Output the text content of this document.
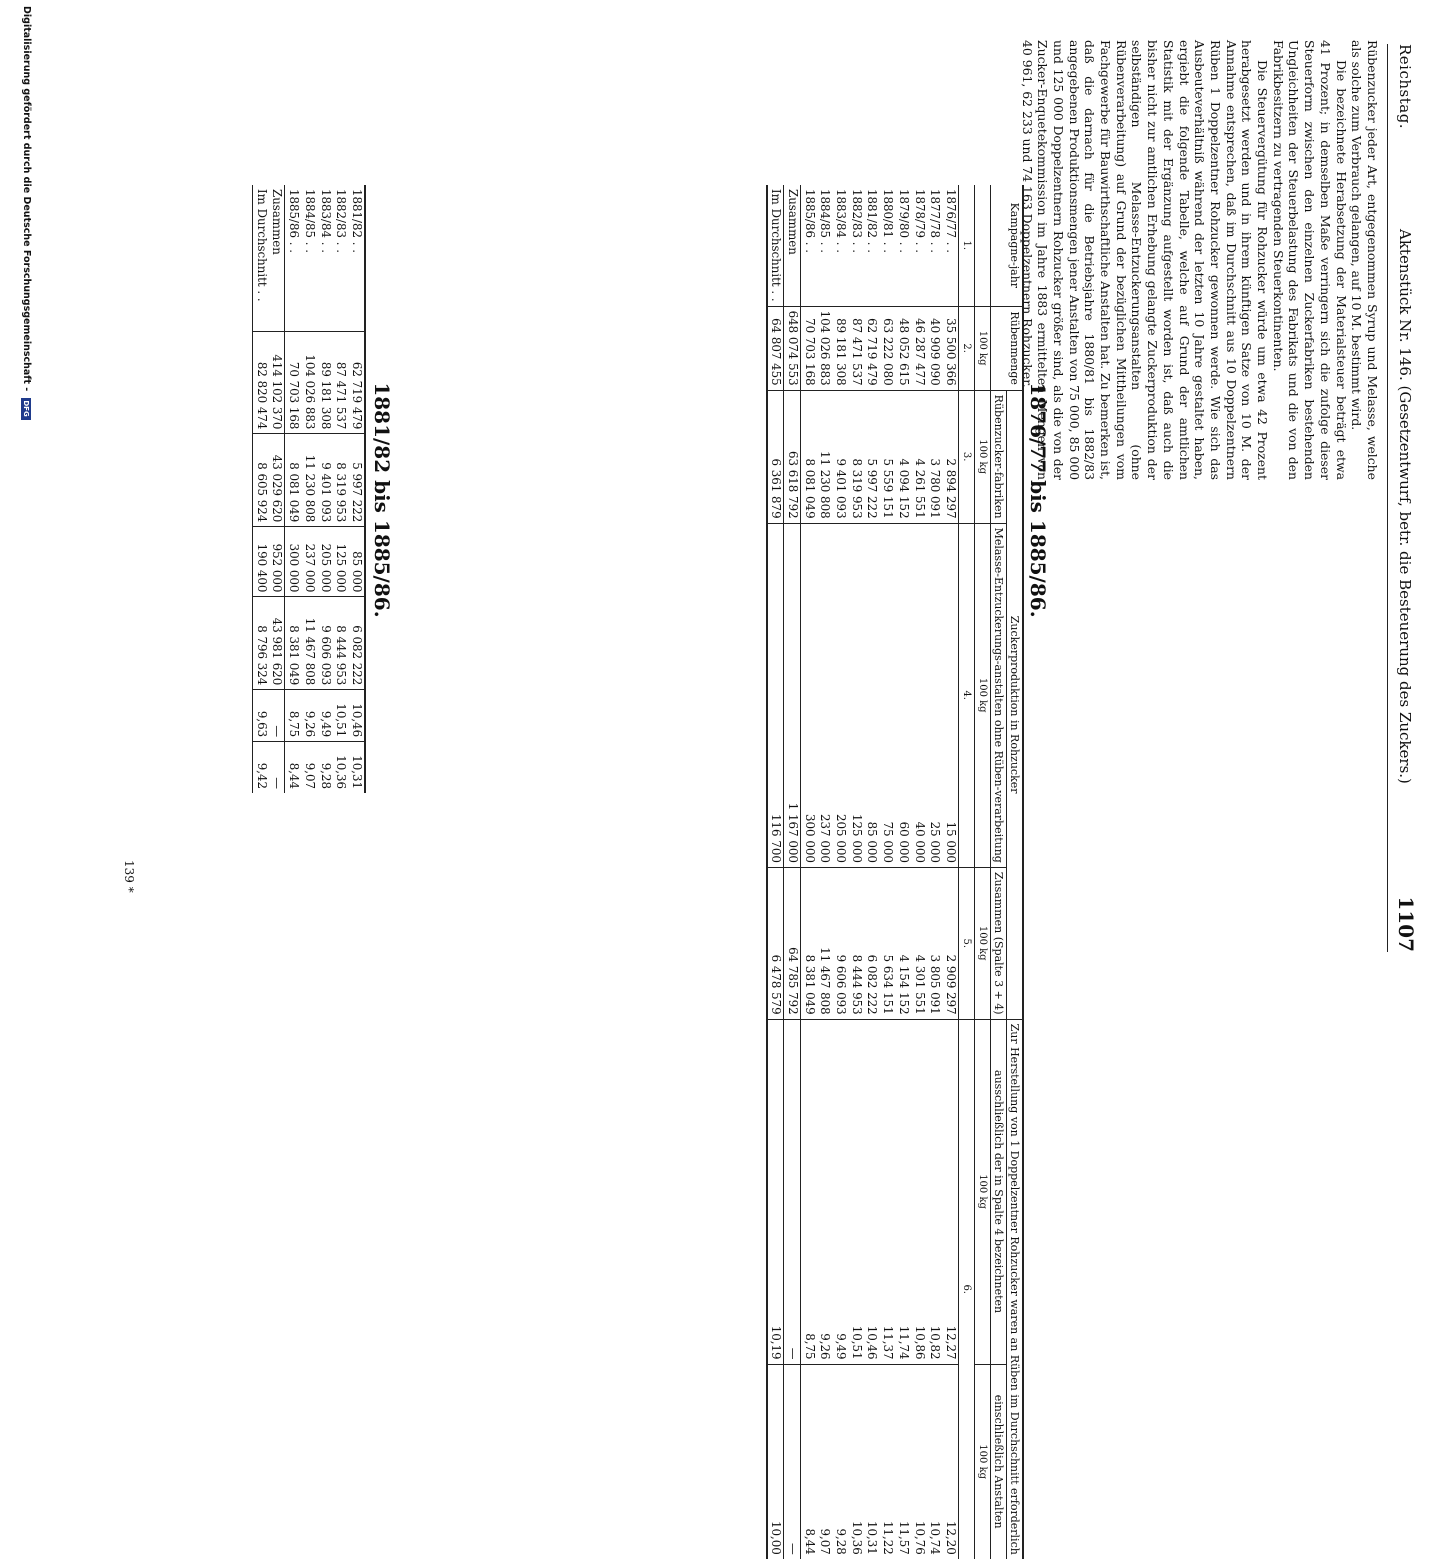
Reichstag.
Aktenstück Nr. 146. (Gesetzentwurf, betr. die Besteuerung des Zuckers.)
1107

Rübenzucker jeder Art, entgegenommen Syrup und Melasse, welche als solche zum Verbrauch gelangen, auf 10 M. bestimmt wird.

Die bezeichnete Herabsetzung der Materialsteuer beträgt etwa 41 Prozent; in demselben Maße verringern sich die zufolge dieser Steuerform zwischen den einzelnen Zuckerfabriken bestehenden Ungleichheiten der Steuerbelastung des Fabrikats und die von den Fabrikbesitzern zu vertragenden Steuerkontinenten.

Die Steuervergütung für Rohzucker würde um etwa 42 Prozent herabgesetzt werden und in ihrem künftigen Satze von 10 M. der Annahme entsprechen, daß im Durchschnitt aus 10 Doppelzentnern Rüben 1 Doppelzentner Rohzucker gewonnen werde. Wie sich das Ausbeuteverhältniß während der letzten 10 Jahre gestaltet haben, ergiebt die folgende Tabelle, welche auf Grund der amtlichen Statistik mit der Ergänzung aufgestellt worden ist, daß auch die bisher nicht zur amtlichen Erhebung gelangte Zuckerproduktion der selbständigen Melasse-Entzuckerungsanstalten (ohne Rübenverarbeitung) auf Grund der bezüglichen Mittheilungen vom Fachgewerbe für Bauwirthschaftliche Anstalten hat. Zu bemerken ist, daß die darnach für die Betriebsjahre 1880/81 bis 1882/83 angegebenen Produktionsmengen jener Anstalten von 75 000, 85 000 und 125 000 Doppelzentnern Rohzucker größer sind, als die von der Zucker-Enquetekommission im Jahre 1883 ermittelten Mengen von 40 961, 62 233 und 74 163 Doppelzentnern Rohzucker.

1876/77 bis 1885/86.
Kampagne-jahr	Rübenmenge	Zuckerproduktion in Rohzucker			Zur Herstellung von 1 Doppelzentner Rohzucker waren an Rüben im Durchschnitt erforderlich	
		Rübenzucker-fabriken	Melasse-Entzuckerungs-anstalten ohne Rüben-verarbeitung	Zusammen (Spalte 3 + 4)	ausschließlich der in Spalte 4 bezeichneten	einschließlich Anstalten
	100 kg	100 kg	100 kg	100 kg	100 kg	100 kg
1.	2.	3.	4.	5.	6.	
1876/77 . .	35 500 366	2 894 297	15 000	2 909 297	12,27	12,20
1877/78 . .	40 909 090	3 780 091	25 000	3 805 091	10,82	10,74
1878/79 . .	46 287 477	4 261 551	40 000	4 301 551	10,86	10,76
1879/80 . .	48 052 615	4 094 152	60 000	4 154 152	11,74	11,57
1880/81 . .	63 222 080	5 559 151	75 000	5 634 151	11,37	11,22
1881/82 . .	62 719 479	5 997 222	85 000	6 082 222	10,46	10,31
1882/83 . .	87 471 537	8 319 953	125 000	8 444 953	10,51	10,36
1883/84 . .	89 181 308	9 401 093	205 000	9 606 093	9,49	9,28
1884/85 . .	104 026 883	11 230 808	237 000	11 467 808	9,26	9,07
1885/86 . .	70 703 168	8 081 049	300 000	8 381 049	8,75	8,44
Zusammen	648 074 553	63 618 792	1 167 000	64 785 792	—	—
Im Durchschnitt . .	64 807 455	6 361 879	116 700	6 478 579	10,19	10,00
1881/82 bis 1885/86.
1881/82 . .	62 719 479	5 997 222	85 000	6 082 222	10,46	10,31
1882/83 . .	87 471 537	8 319 953	125 000	8 444 953	10,51	10,36
1883/84 . .	89 181 308	9 401 093	205 000	9 606 093	9,49	9,28
1884/85 . .	104 026 883	11 230 808	237 000	11 467 808	9,26	9,07
1885/86 . .	70 703 168	8 081 049	300 000	8 381 049	8,75	8,44
Zusammen	414 102 370	43 029 620	952 000	43 981 620	—	—
Im Durchschnitt . .	82 820 474	8 605 924	190 400	8 796 324	9,63	9,42
139 *
Digitalisierung gefördert durch die Deutsche Forschungsgemeinschaft - DFG
